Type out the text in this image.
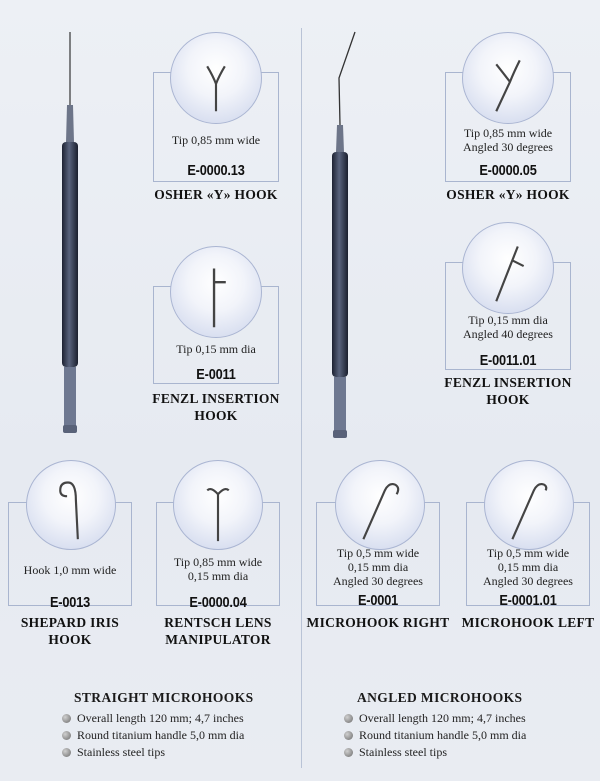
Tip 0,85 mm wide
E-0000.13
OSHER «Y» HOOK
Tip 0,15 mm dia
E-0011
FENZL INSERTION
HOOK
Tip 0,85 mm wide
Angled 30 degrees
E-0000.05
OSHER «Y» HOOK
Tip 0,15 mm dia
Angled 40 degrees
E-0011.01
FENZL INSERTION
HOOK
Hook 1,0 mm wide
E-0013
SHEPARD IRIS
HOOK
Tip 0,85 mm wide
0,15 mm dia
E-0000.04
RENTSCH LENS
MANIPULATOR
Tip 0,5 mm wide
0,15 mm dia
Angled 30 degrees
E-0001
MICROHOOK RIGHT
Tip 0,5 mm wide
0,15 mm dia
Angled 30 degrees
E-0001.01
MICROHOOK LEFT
STRAIGHT MICROHOOKS
Overall length 120 mm; 4,7 inches
Round titanium handle 5,0 mm dia
Stainless steel tips
ANGLED MICROHOOKS
Overall length 120 mm; 4,7 inches
Round titanium handle 5,0 mm dia
Stainless steel tips
